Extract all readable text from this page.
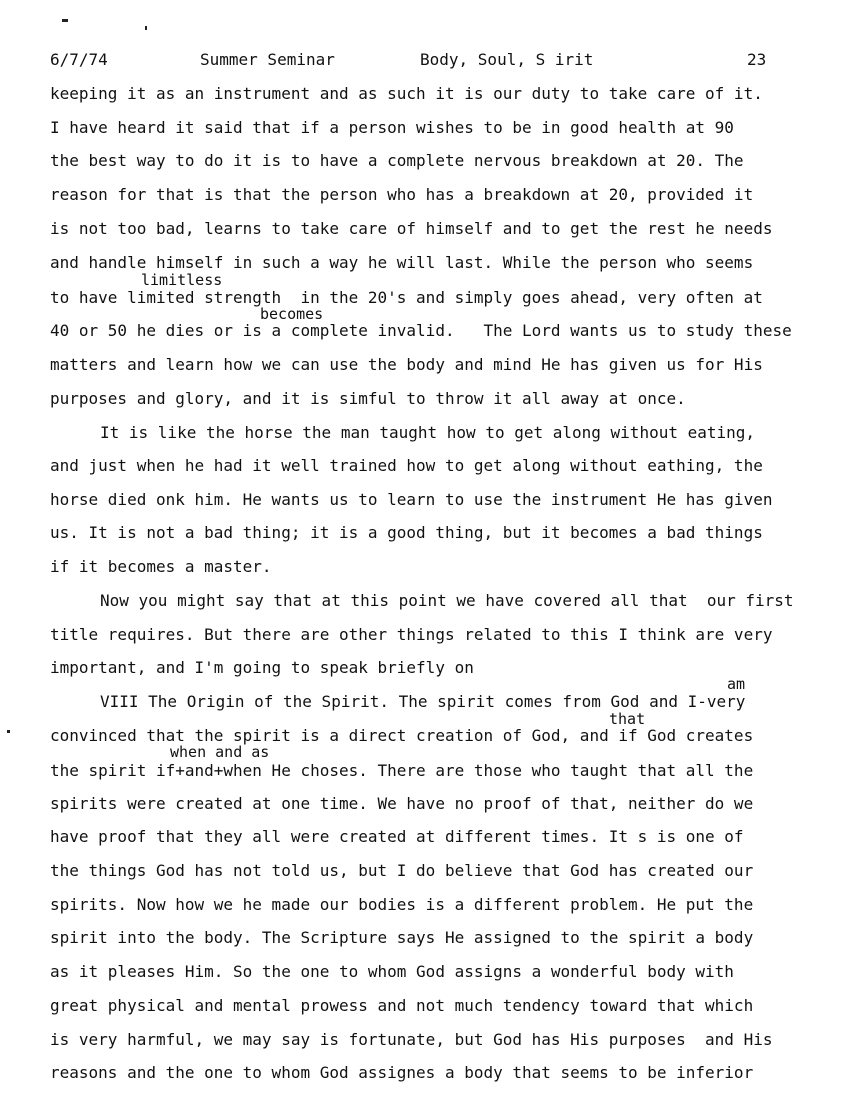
6/7/74	Summer Seminar	Body, Soul, S irit	23
keeping it as an instrument and as such it is our duty to take care of it.
I have heard it said that if a person wishes to be in good health at 90
the best way to do it is to have a complete nervous breakdown at 20. The
reason for that is that the person who has a breakdown at 20, provided it
is not too bad, learns to take care of himself and to get the rest he needs
and handle himself in such a way he will last. While the person who seems
limitless
to have limited strength  in the 20's and simply goes ahead, very often at
becomes
40 or 50 he dies or is a complete invalid.   The Lord wants us to study these
matters and learn how we can use the body and mind He has given us for His
purposes and glory, and it is simful to throw it all away at once.
It is like the horse the man taught how to get along without eating,
and just when he had it well trained how to get along without eathing, the
horse died onk him. He wants us to learn to use the instrument He has given
us. It is not a bad thing; it is a good thing, but it becomes a bad things
if it becomes a master.
Now you might say that at this point we have covered all that  our first
title requires. But there are other things related to this I think are very
important, and I'm going to speak briefly on
am
VIII The Origin of the Spirit. The spirit comes from God and I-very
that
convinced that the spirit is a direct creation of God, and if God creates
when and as
the spirit if+and+when He choses. There are those who taught that all the
spirits were created at one time. We have no proof of that, neither do we
have proof that they all were created at different times. It s is one of
the things God has not told us, but I do believe that God has created our
spirits. Now how we he made our bodies is a different problem. He put the
spirit into the body. The Scripture says He assigned to the spirit a body
as it pleases Him. So the one to whom God assigns a wonderful body with
great physical and mental prowess and not much tendency toward that which
is very harmful, we may say is fortunate, but God has His purposes  and His
reasons and the one to whom God assignes a body that seems to be inferior
